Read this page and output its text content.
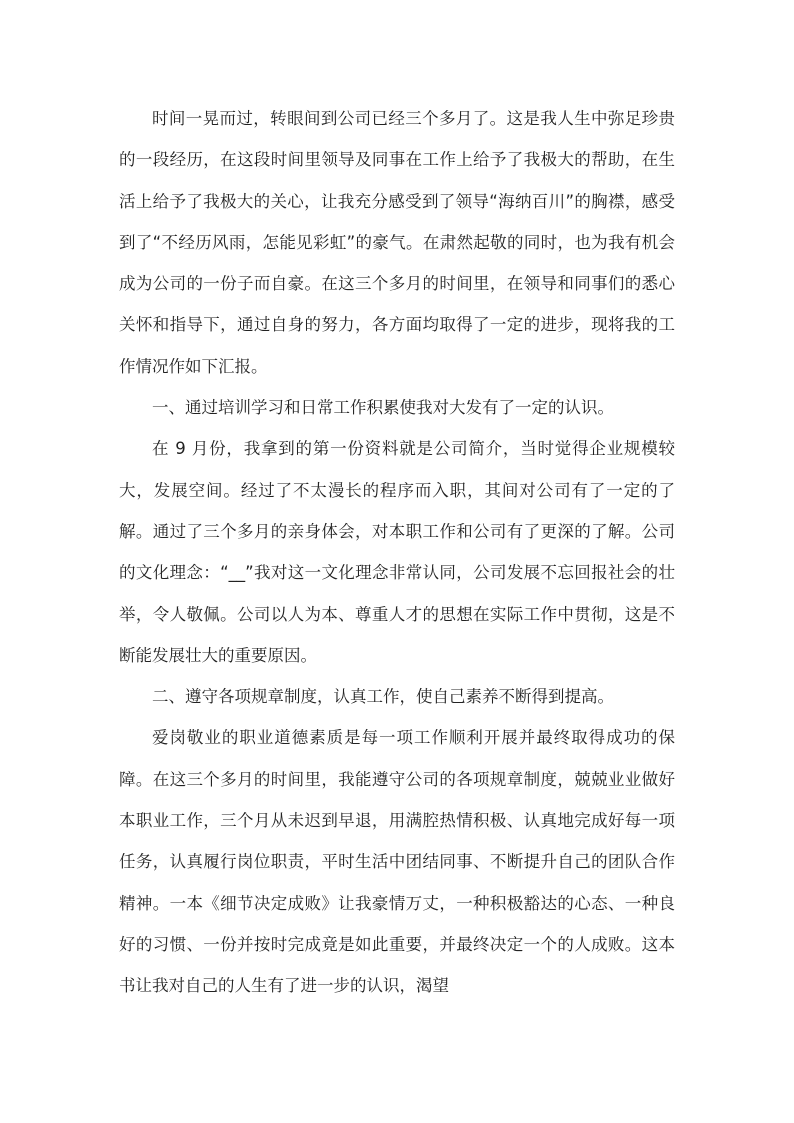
时间一晃而过，转眼间到公司已经三个多月了。这是我人生中弥足珍贵的一段经历，在这段时间里领导及同事在工作上给予了我极大的帮助，在生活上给予了我极大的关心，让我充分感受到了领导“海纳百川”的胸襟，感受到了“不经历风雨，怎能见彩虹”的豪气。在肃然起敬的同时，也为我有机会成为公司的一份子而自豪。在这三个多月的时间里，在领导和同事们的悉心关怀和指导下，通过自身的努力，各方面均取得了一定的进步，现将我的工作情况作如下汇报。

一、通过培训学习和日常工作积累使我对大发有了一定的认识。

在 9 月份，我拿到的第一份资料就是公司简介，当时觉得企业规模较大，发展空间。经过了不太漫长的程序而入职，其间对公司有了一定的了解。通过了三个多月的亲身体会，对本职工作和公司有了更深的了解。公司的文化理念：“__”我对这一文化理念非常认同，公司发展不忘回报社会的壮举，令人敬佩。公司以人为本、尊重人才的思想在实际工作中贯彻，这是不断能发展壮大的重要原因。

二、遵守各项规章制度，认真工作，使自己素养不断得到提高。

爱岗敬业的职业道德素质是每一项工作顺利开展并最终取得成功的保障。在这三个多月的时间里，我能遵守公司的各项规章制度，兢兢业业做好本职业工作，三个月从未迟到早退，用满腔热情积极、认真地完成好每一项任务，认真履行岗位职责，平时生活中团结同事、不断提升自己的团队合作精神。一本《细节决定成败》让我豪情万丈，一种积极豁达的心态、一种良好的习惯、一份并按时完成竟是如此重要，并最终决定一个的人成败。这本书让我对自己的人生有了进一步的认识，渴望
